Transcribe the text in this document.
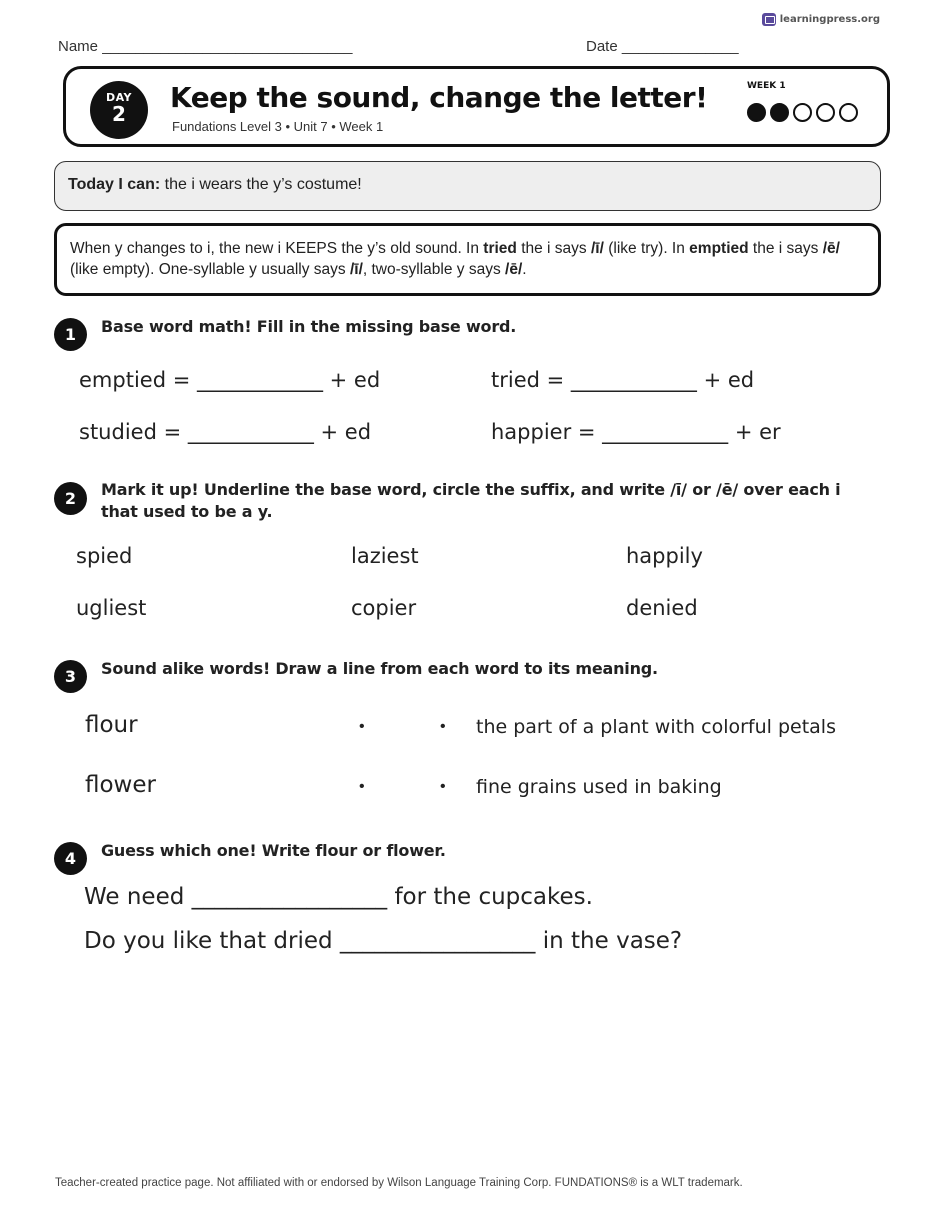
learningpress.org
Name ______________________________	Date ______________
DAY
2	Keep the sound, change the letter!
Fundations Level 3 • Unit 7 • Week 1
WEEK 1
Today I can: the i wears the y’s costume!
When y changes to i, the new i KEEPS the y’s old sound. In tried the i says /ī/ (like try). In emptied the i says /ē/ (like empty). One-syllable y usually says /ī/, two-syllable y says /ē/.
1	Base word math! Fill in the missing base word.
emptied = ____________ + ed	tried = ____________ + ed
studied = ____________ + ed	happier = ____________ + er
2	Mark it up! Underline the base word, circle the suffix, and write /ī/ or /ē/ over each i that used to be a y.
spied	laziest	happily
ugliest	copier	denied
3	Sound alike words! Draw a line from each word to its meaning.
flour	•	• the part of a plant with colorful petals
flower	•	• fine grains used in baking
4	Guess which one! Write flour or flower.
We need _________________ for the cupcakes.
Do you like that dried _________________ in the vase?
Teacher-created practice page. Not affiliated with or endorsed by Wilson Language Training Corp. FUNDATIONS® is a WLT trademark.
